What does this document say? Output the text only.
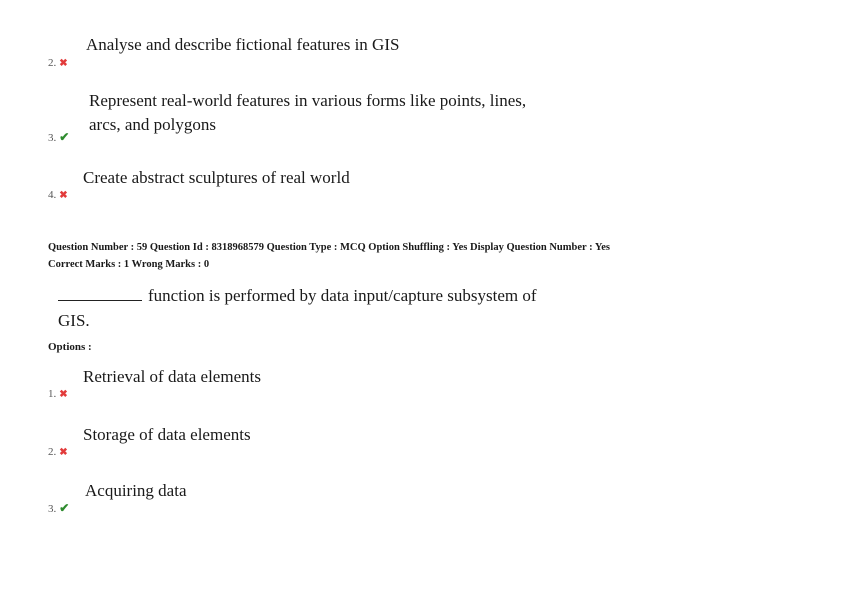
Analyse and describe fictional features in GIS
2. ✖
Represent real-world features in various forms like points, lines,
arcs, and polygons
3. ✔
Create abstract sculptures of real world
4. ✖
Question Number : 59 Question Id : 8318968579 Question Type : MCQ Option Shuffling : Yes Display Question Number : Yes
Correct Marks : 1 Wrong Marks : 0
function is performed by data input/capture subsystem of
GIS.
Options :
Retrieval of data elements
1. ✖
Storage of data elements
2. ✖
Acquiring data
3. ✔
